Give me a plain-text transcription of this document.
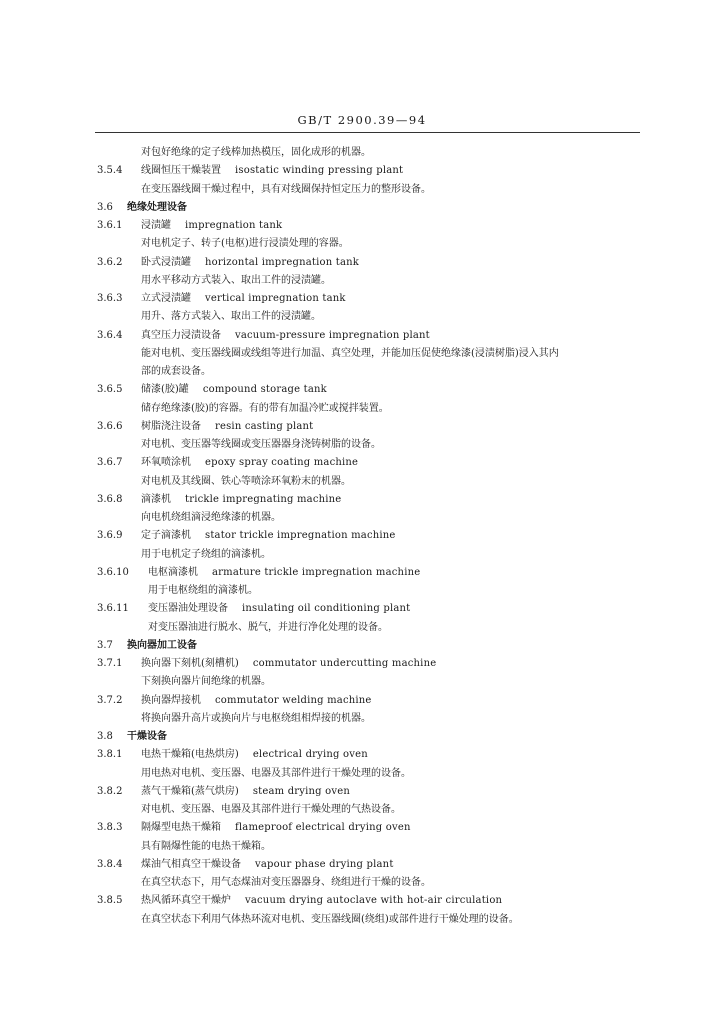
GB/T 2900.39—94
对包好绝缘的定子线棒加热模压，固化成形的机器。
3.5.4 线圈恒压干燥装置 isostatic winding pressing plant
在变压器线圈干燥过程中，具有对线圈保持恒定压力的整形设备。
3.6 绝缘处理设备
3.6.1 浸渍罐 impregnation tank
对电机定子、转子(电枢)进行浸渍处理的容器。
3.6.2 卧式浸渍罐 horizontal impregnation tank
用水平移动方式装入、取出工件的浸渍罐。
3.6.3 立式浸渍罐 vertical impregnation tank
用升、落方式装入、取出工件的浸渍罐。
3.6.4 真空压力浸渍设备 vacuum-pressure impregnation plant
能对电机、变压器线圈或线组等进行加温、真空处理，并能加压促使绝缘漆(浸渍树脂)浸入其内
部的成套设备。
3.6.5 储漆(胶)罐 compound storage tank
储存绝缘漆(胶)的容器。有的带有加温冷贮或搅拌装置。
3.6.6 树脂浇注设备 resin casting plant
对电机、变压器等线圈或变压器器身浇铸树脂的设备。
3.6.7 环氧喷涂机 epoxy spray coating machine
对电机及其线圈、铁心等喷涂环氧粉末的机器。
3.6.8 滴漆机 trickle impregnating machine
向电机绕组滴浸绝缘漆的机器。
3.6.9 定子滴漆机 stator trickle impregnation machine
用于电机定子绕组的滴漆机。
3.6.10 电枢滴漆机 armature trickle impregnation machine
用于电枢绕组的滴漆机。
3.6.11 变压器油处理设备 insulating oil conditioning plant
对变压器油进行脱水、脱气，并进行净化处理的设备。
3.7 换向器加工设备
3.7.1 换向器下刻机(刻槽机) commutator undercutting machine
下刻换向器片间绝缘的机器。
3.7.2 换向器焊接机 commutator welding machine
将换向器升高片或换向片与电枢绕组相焊接的机器。
3.8 干燥设备
3.8.1 电热干燥箱(电热烘房) electrical drying oven
用电热对电机、变压器、电器及其部件进行干燥处理的设备。
3.8.2 蒸气干燥箱(蒸气烘房) steam drying oven
对电机、变压器、电器及其部件进行干燥处理的气热设备。
3.8.3 隔爆型电热干燥箱 flameproof electrical drying oven
具有隔爆性能的电热干燥箱。
3.8.4 煤油气相真空干燥设备 vapour phase drying plant
在真空状态下，用气态煤油对变压器器身、绕组进行干燥的设备。
3.8.5 热风循环真空干燥炉 vacuum drying autoclave with hot-air circulation
在真空状态下利用气体热环流对电机、变压器线圈(绕组)或部件进行干燥处理的设备。
